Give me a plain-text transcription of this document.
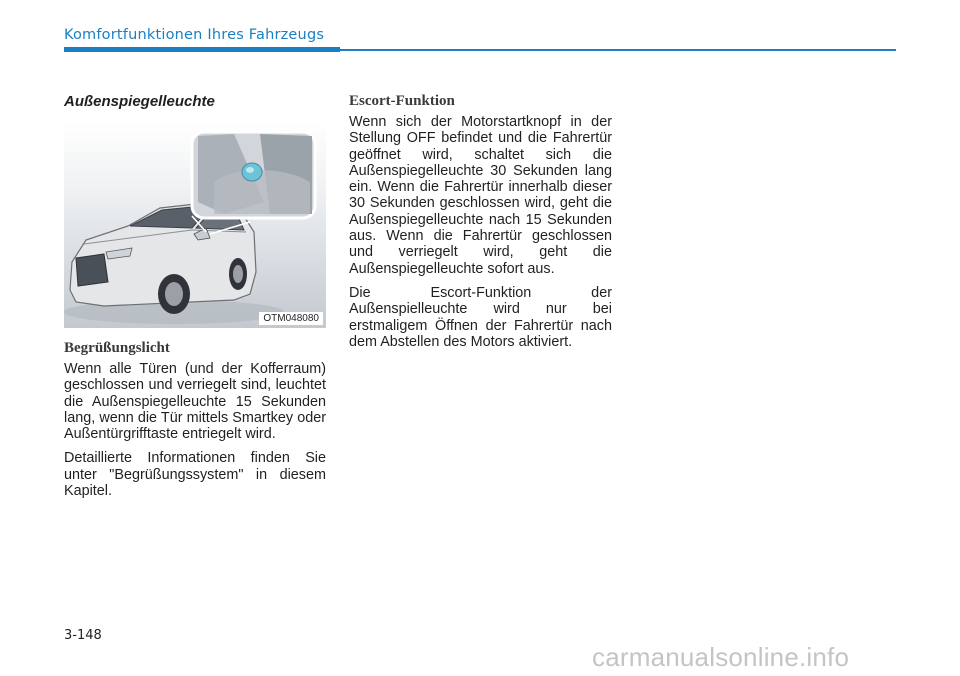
Komfortfunktionen Ihres Fahrzeugs
Außenspiegelleuchte
OTM048080
Begrüßungslicht

Wenn alle Türen (und der Kofferraum) geschlossen und verriegelt sind, leuchtet die Außenspiegelleuchte 15 Sekunden lang, wenn die Tür mittels Smartkey oder Außentürgrifftaste entriegelt wird.

Detaillierte Informationen finden Sie unter "Begrüßungssystem" in diesem Kapitel.

Escort-Funktion

Wenn sich der Motorstartknopf in der Stellung OFF befindet und die Fahrertür geöffnet wird, schaltet sich die Außenspiegelleuchte 30 Sekunden lang ein. Wenn die Fahrertür innerhalb dieser 30 Sekunden geschlossen wird, geht die Außenspiegelleuchte nach 15 Sekunden aus. Wenn die Fahrertür geschlossen und verriegelt wird, geht die Außenspiegelleuchte sofort aus.

Die Escort-Funktion der Außenspielleuchte wird nur bei erstmaligem Öffnen der Fahrertür nach dem Abstellen des Motors aktiviert.

3-148
carmanualsonline.info
